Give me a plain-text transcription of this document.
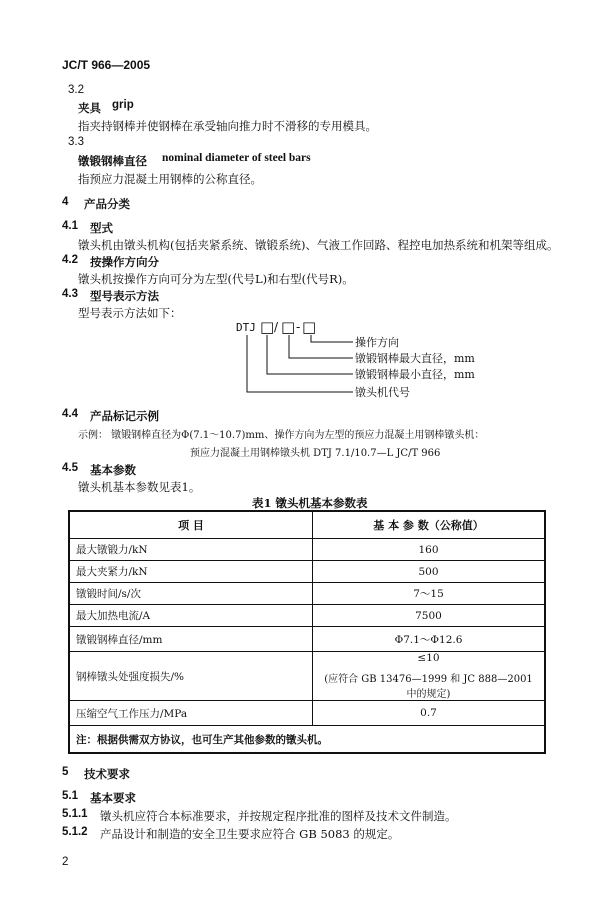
JC/T 966—2005
3.2
夹具 grip
指夹持钢棒并使钢棒在承受轴向推力时不滑移的专用模具。
3.3
镦锻钢棒直径 nominal diameter of steel bars
指预应力混凝土用钢棒的公称直径。
4 产品分类
4.1 型式
镦头机由镦头机构(包括夹紧系统、镦锻系统)、气液工作回路、程控电加热系统和机架等组成。
4.2 按操作方向分
镦头机按操作方向可分为左型(代号L)和右型(代号R)。
4.3 型号表示方法
型号表示方法如下：
DTJ □ / □ - □
操作方向
镦锻钢棒最大直径，mm
镦锻钢棒最小直径，mm
镦头机代号
4.4 产品标记示例
示例： 镦锻钢棒直径为Φ(7.1～10.7)mm、操作方向为左型的预应力混凝土用钢棒镦头机：
预应力混凝土用钢棒镦头机 DTJ 7.1/10.7—L JC/T 966
4.5 基本参数
镦头机基本参数见表1。
表1 镦头机基本参数表
项 目	基 本 参 数（公称值）
最大镦锻力/kN	160
最大夹紧力/kN	500
镦锻时间/s/次	7～15
最大加热电流/A	7500
镦锻钢棒直径/mm	Φ7.1～Φ12.6
钢棒镦头处强度损失/%	≤10
(应符合 GB 13476—1999 和 JC 888—2001 中的规定)

压缩空气工作压力/MPa	0.7
注：根据供需双方协议，也可生产其他参数的镦头机。	
5 技术要求
5.1 基本要求
5.1.1 镦头机应符合本标准要求，并按规定程序批准的图样及技术文件制造。
5.1.2 产品设计和制造的安全卫生要求应符合 GB 5083 的规定。
2
